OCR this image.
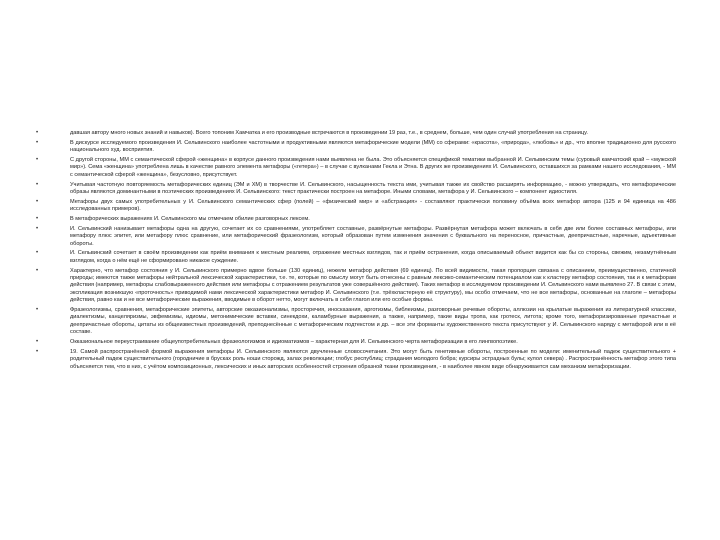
• давшая автору много новых знаний и навыков). Всего топоним Хамчатка и его производные встречаются в произведении 19 раз, т.е., в среднем, больше, чем один случай употребления на страницу.
• В дискурсе исследуемого произведения И. Сельвинского наиболее частотными и продуктивными являются метафорические модели (ММ) со сферами: «красота», «природа», «любовь» и др., что вполне традиционно для русского национального худ. восприятия.
• С другой стороны, ММ с семантической сферой «женщина» в корпусе данного произведения нами выявлена не была. Это объясняется спецификой тематики выбранной И. Сельвинским темы (суровый камчатский край – «мужской мир»). Сема «женщина» употреблена лишь в качестве равного элемента метафоры («гетера») – в случае с вулканами Гекла и Этна. В других же произведениях И. Сельвинского, оставшихся за рамками нашего исследования, - ММ с семантической сферой «женщина», безусловно, присутствует.
• Учитывая частотную повторяемость метафорических единиц (ЭМ и ХМ) в творчестве И. Сельвинского, насыщенность текста ими, учитывая также их свойство расширять информацию, - можно утверждать, что метафорические образы являются доминантными в поэтических произведениях И. Сельвинского: текст практически построен на метафоре. Иными словами, метафора у И. Сельвинского – компонент идиостиля.
• Метафоры двух самых употребительных у И. Сельвинского семантических сфер (полей) – «физический мир» и «абстракция» - составляют практически половину объёма всех метафор автора (125 и 94 единица на 486 исследованных примеров).
• В метафорических выражениях И. Сельвинского мы отмечаем обилие разговорных лексем.
• И. Сельвинский нанизывает метафоры одна на другую, сочетает их со сравнениями, употребляет составные, развёрнутые метафоры. Развёрнутая метафора может включать в себя две или более составных метафоры, или метафору плюс эпитет, или метафору плюс сравнение, или метафорический фразеологизм, который образован путем изменения значения с буквального на переносное, причастные, деепричастные, наречные, адъективные обороты.
• И. Сельвинский сочетает в своём произведении как приём внимания к местным реалиям, отражение местных взглядов, так и приём остранения, когда описываемый объект видится как бы со стороны, свежим, незамутнённым взглядом, когда о нём ещё не сформировано никакое суждение.
• Характерно, что метафор состояния у И. Сельвинского примерно вдвое больше (130 единиц), нежели метафор действия (69 единиц). По всей видимости, такая пропорция связана с описанием, преимущественно, статичной природы; имеются также метафоры нейтральной лексической характеристики, т.е. те, которые по смыслу могут быть отнесены с равным лексико-семантическим потенциалом как к кластеру метафор состояния, так и к метафорам действия (например, метафоры слабовыраженного действия или метафоры с отражением результатов уже совершённого действия). Таких метафор в исследуемом произведении И. Сельвинского нами выявлено 27. В связи с этим, экспликация возникшую «проточность» приводимой нами лексической характеристики метафор И. Сельвинского (т.е. трёхкластерную её структуру), мы особо отмечаем, что не все метафоры, основанные на глаголе – метафоры действия, равно как и не все метафорические выражения, вводимые в оборот нетто, могут включать в себя глагол или его особые формы.
• Фразеологизмы, сравнения, метафорические эпитеты, авторские окказионализмы, просторечия, иносказания, арготизмы, библеизмы, разговорные речевые обороты, аллюзии на крылатые выражения из литературной классики, диалектизмы, канцеляризмы, эвфемизмы, идиомы, метонимические вставки, синекдохи, каламбурные выражения, а также, например, такие виды тропа, как гротеск, литота; кроме того, метафоризированные причастные и деепричастные обороты, цитаты из общеизвестных произведений, преподнесённые с метафорическим подтекстом и др. – все эти форманты художественного текста присутствуют у И. Сельвинского наряду с метафорой или в её составе.
• Окказиональное переустраивание общеупотребительных фразеологизмов и идиоматизмов – характерная для И. Сельвинского черта метафоризации в его лингвопоэтике.
• 19. Самой распространённой формой выражения метафоры И. Сельвинского являются двучленные словосочетания. Это могут быть генетивные обороты, построенные по модели: именительный падеж существительного + родительный падеж существительного (городничие в брусках роль ноши сторожд, залах революции; глобус республиц; страдания молодого бобра; курсиры эстрадных булы; кулол севера) . Распространённость метафор этого типа объясняется тем, что в них, с учётом композиционных, лексических и иных авторских особенностей строения образной ткани произведения, - в наиболее явном виде обнаруживается сам механизм метафоризации.
